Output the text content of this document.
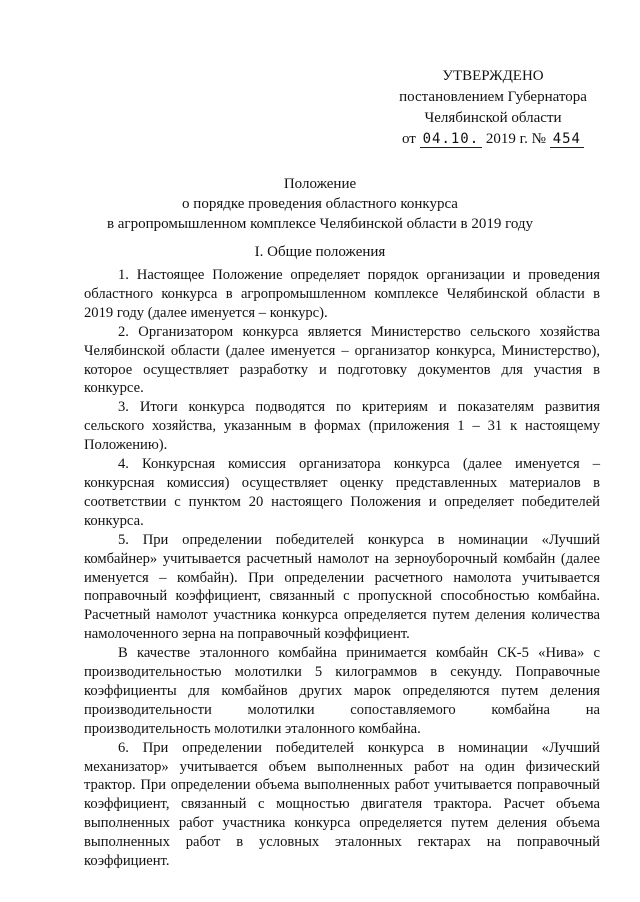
УТВЕРЖДЕНО
постановлением Губернатора
Челябинской области
от 04.10. 2019 г. № 454
Положение
о порядке проведения областного конкурса
в агропромышленном комплексе Челябинской области в 2019 году
I. Общие положения

1. Настоящее Положение определяет порядок организации и проведения областного конкурса в агропромышленном комплексе Челябинской области в 2019 году (далее именуется – конкурс).

2. Организатором конкурса является Министерство сельского хозяйства Челябинской области (далее именуется – организатор конкурса, Министерство), которое осуществляет разработку и подготовку документов для участия в конкурсе.

3. Итоги конкурса подводятся по критериям и показателям развития сельского хозяйства, указанным в формах (приложения 1 – 31 к настоящему Положению).

4. Конкурсная комиссия организатора конкурса (далее именуется – конкурсная комиссия) осуществляет оценку представленных материалов в соответствии с пунктом 20 настоящего Положения и определяет победителей конкурса.

5. При определении победителей конкурса в номинации «Лучший комбайнер» учитывается расчетный намолот на зерноуборочный комбайн (далее именуется – комбайн). При определении расчетного намолота учитывается поправочный коэффициент, связанный с пропускной способностью комбайна. Расчетный намолот участника конкурса определяется путем деления количества намолоченного зерна на поправочный коэффициент.

В качестве эталонного комбайна принимается комбайн СК-5 «Нива» с производительностью молотилки 5 килограммов в секунду. Поправочные коэффициенты для комбайнов других марок определяются путем деления производительности молотилки сопоставляемого комбайна на производительность молотилки эталонного комбайна.

6. При определении победителей конкурса в номинации «Лучший механизатор» учитывается объем выполненных работ на один физический трактор. При определении объема выполненных работ учитывается поправочный коэффициент, связанный с мощностью двигателя трактора. Расчет объема выполненных работ участника конкурса определяется путем деления объема выполненных работ в условных эталонных гектарах на поправочный коэффициент.
